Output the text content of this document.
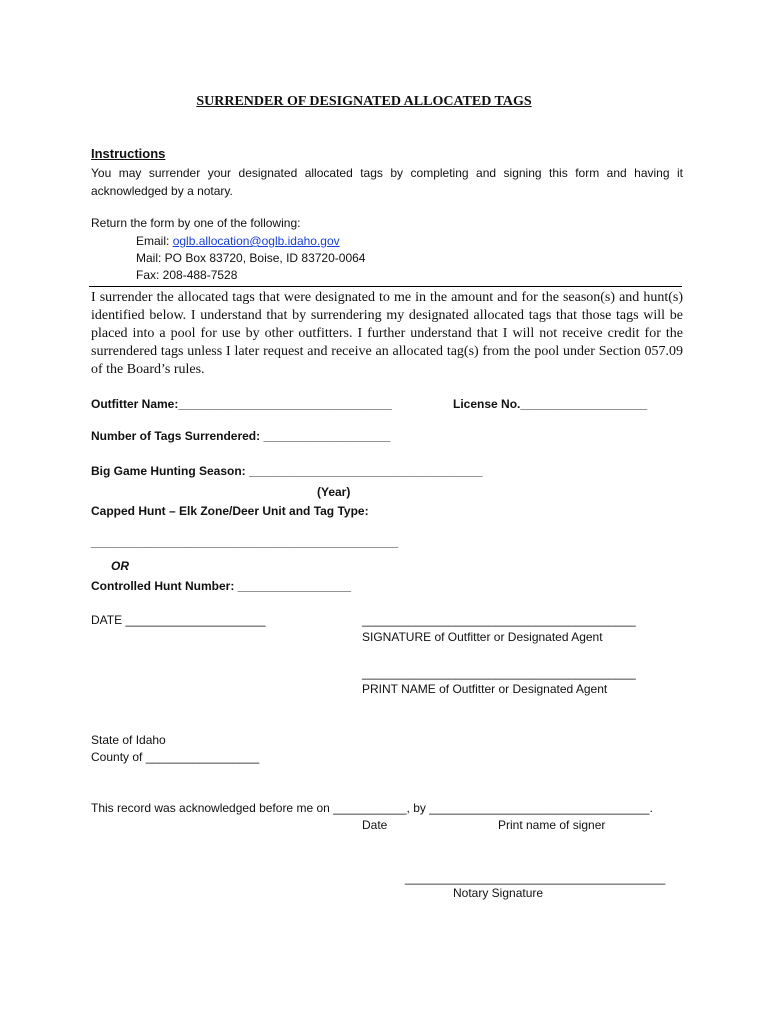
SURRENDER OF DESIGNATED ALLOCATED TAGS
Instructions
You may surrender your designated allocated tags by completing and signing this form and having it acknowledged by a notary.
Return the form by one of the following:
Email: oglb.allocation@oglb.idaho.gov
Mail: PO Box 83720, Boise, ID 83720-0064
Fax: 208-488-7528
I surrender the allocated tags that were designated to me in the amount and for the season(s) and hunt(s) identified below. I understand that by surrendering my designated allocated tags that those tags will be placed into a pool for use by other outfitters. I further understand that I will not receive credit for the surrendered tags unless I later request and receive an allocated tag(s) from the pool under Section 057.09 of the Board’s rules.
Outfitter Name:________________________________	License No.___________________
Number of Tags Surrendered: ___________________
Big Game Hunting Season: ___________________________________
(Year)
Capped Hunt – Elk Zone/Deer Unit and Tag Type:
______________________________________________
OR
Controlled Hunt Number: _________________
DATE _____________________	_________________________________________
SIGNATURE of Outfitter or Designated Agent
_________________________________________
PRINT NAME of Outfitter or Designated Agent
State of Idaho
County of _________________
This record was acknowledged before me on ___________, by _________________________________.
Date	Print name of signer
_______________________________________
Notary Signature
